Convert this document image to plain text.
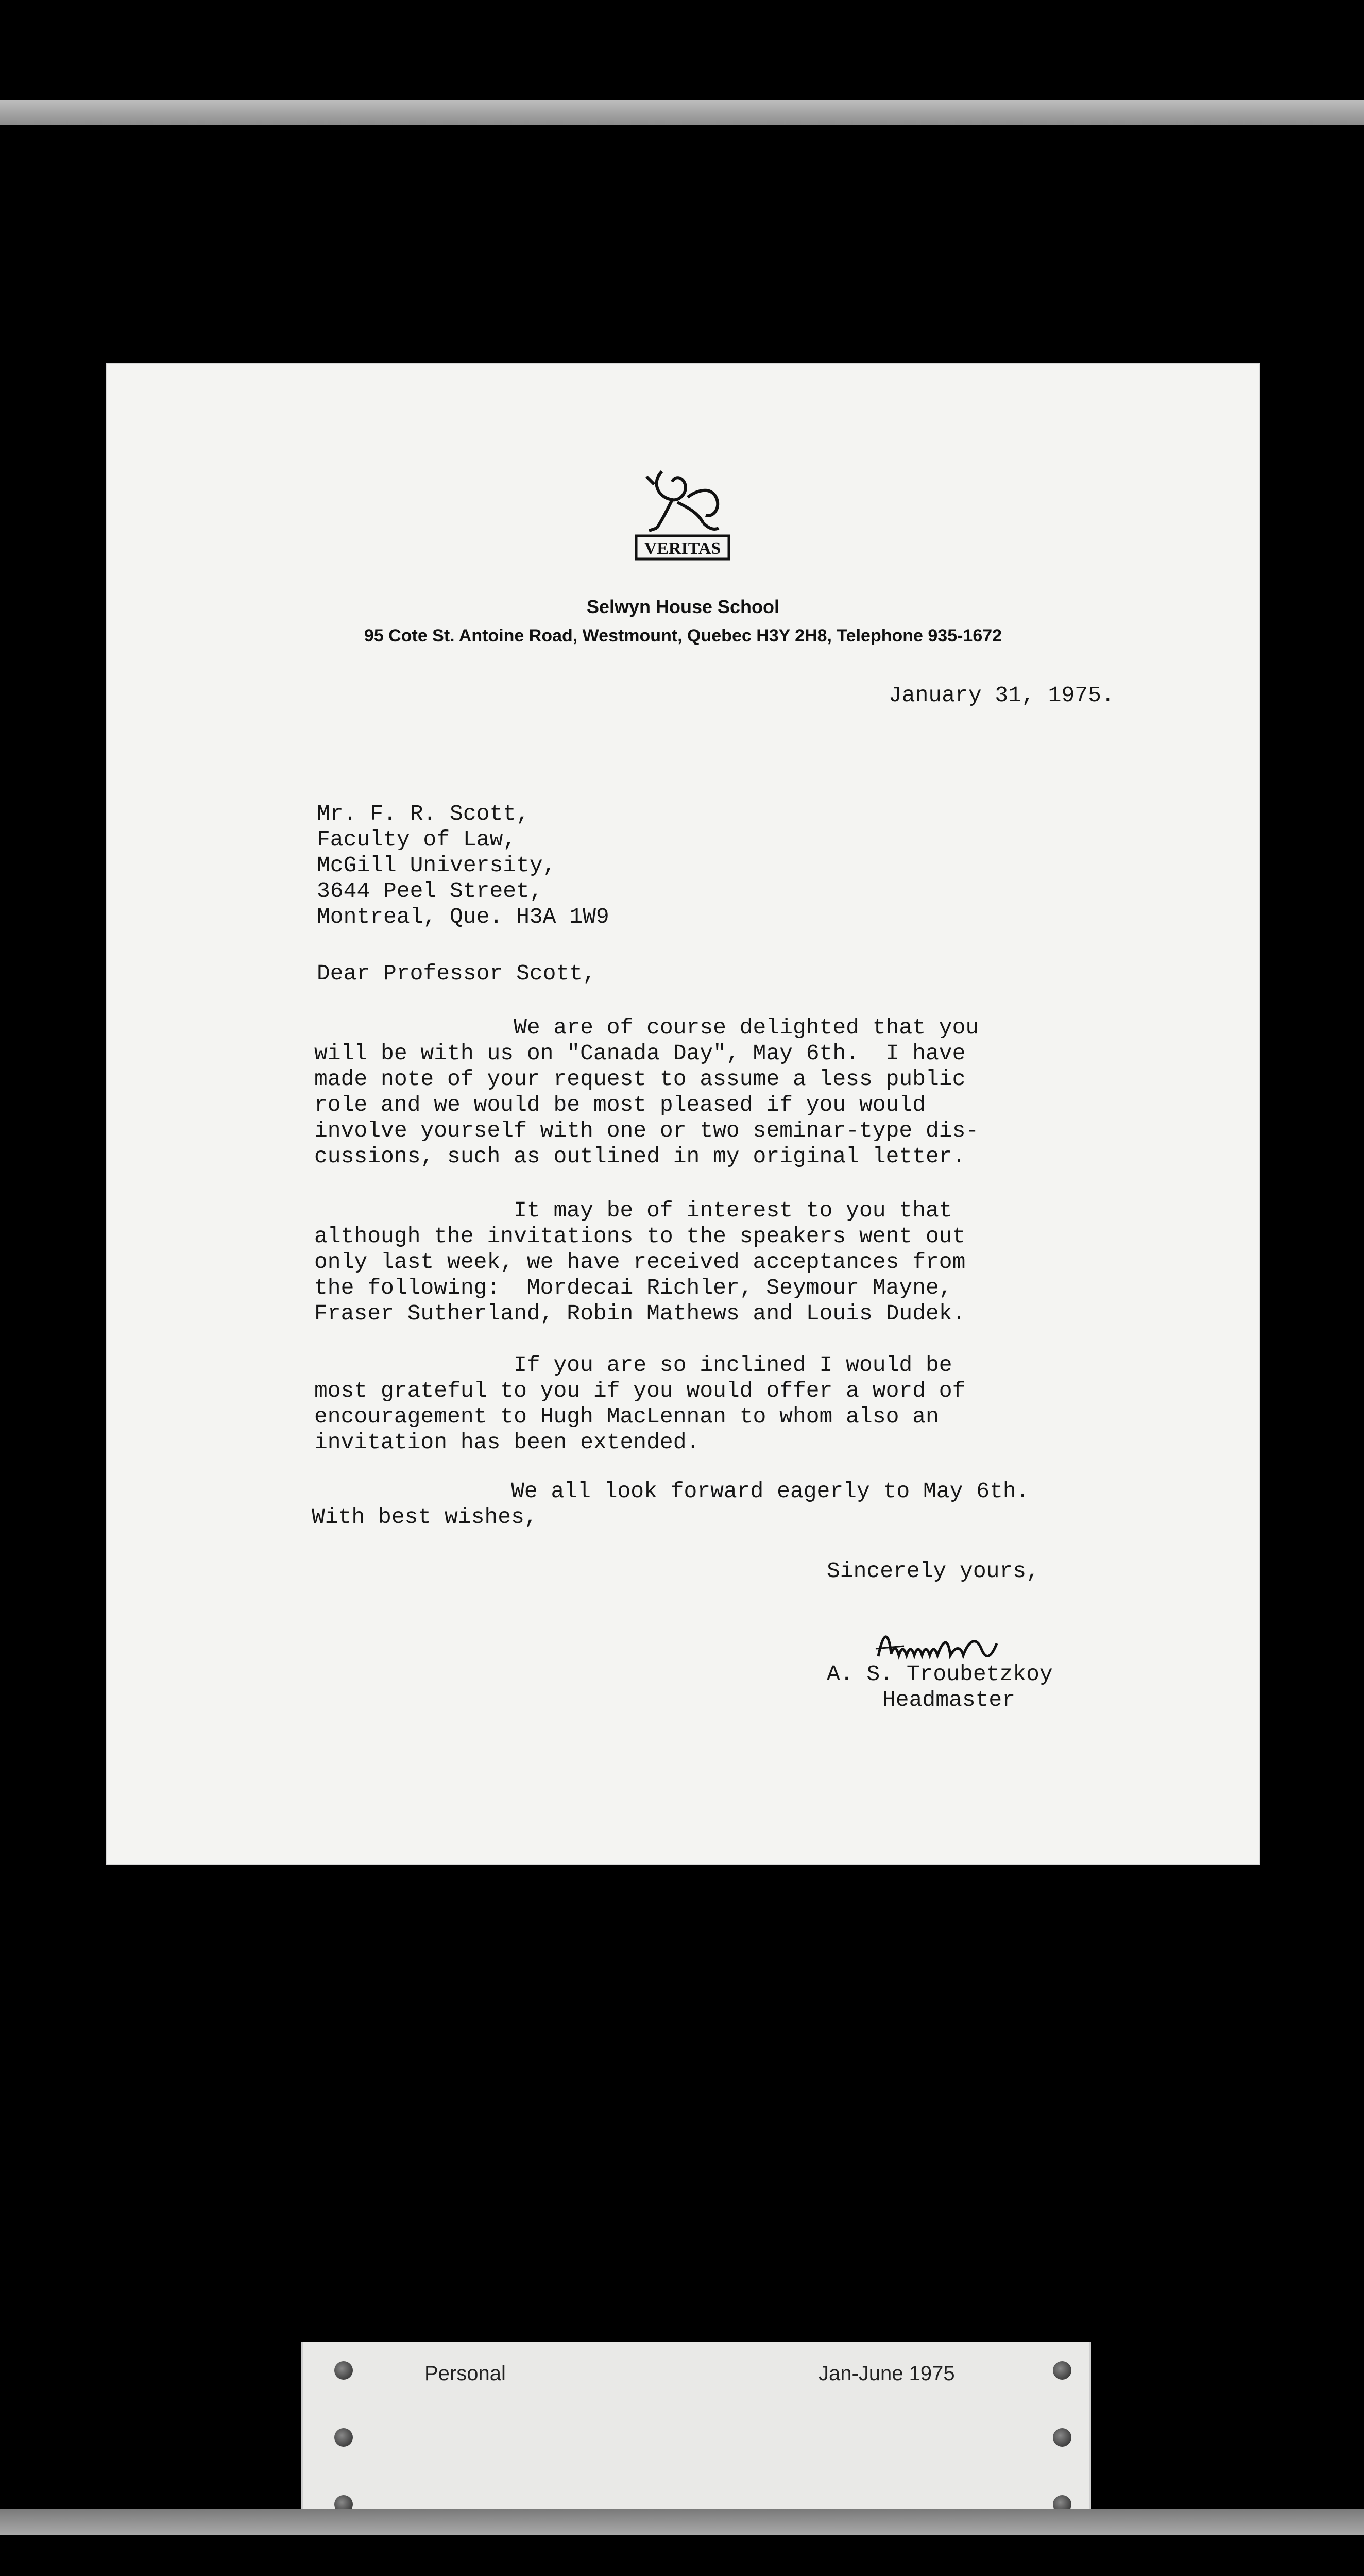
VERITAS
Selwyn House School
95 Cote St. Antoine Road, Westmount, Quebec H3Y 2H8, Telephone 935-1672
January 31, 1975.
Mr. F. R. Scott,
Faculty of Law,
McGill University,
3644 Peel Street,
Montreal, Que. H3A 1W9
Dear Professor Scott,
We are of course delighted that you
will be with us on "Canada Day", May 6th.  I have
made note of your request to assume a less public
role and we would be most pleased if you would
involve yourself with one or two seminar-type dis-
cussions, such as outlined in my original letter.
It may be of interest to you that
although the invitations to the speakers went out
only last week, we have received acceptances from
the following:  Mordecai Richler, Seymour Mayne,
Fraser Sutherland, Robin Mathews and Louis Dudek.
If you are so inclined I would be
most grateful to you if you would offer a word of
encouragement to Hugh MacLennan to whom also an
invitation has been extended.
We all look forward eagerly to May 6th.
With best wishes,
Sincerely yours,
A. S. Troubetzkoy
Headmaster
Personal	Jan-June 1975
